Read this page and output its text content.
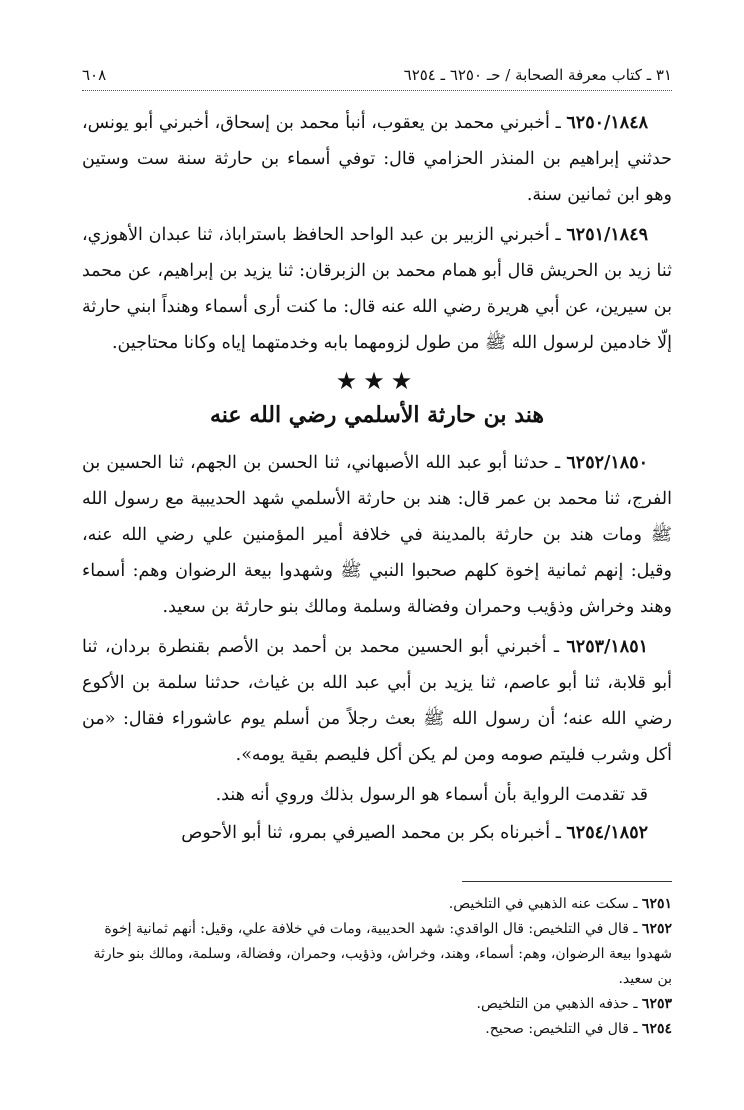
٣١ ـ كتاب معرفة الصحابة / حـ ٦٢٥٠ ـ ٦٢٥٤
٦٠٨

٦٢٥٠/١٨٤٨ ـ أخبرني محمد بن يعقوب، أنبأ محمد بن إسحاق، أخبرني أبو يونس، حدثني إبراهيم بن المنذر الحزامي قال: توفي أسماء بن حارثة سنة ست وستين وهو ابن ثمانين سنة.

٦٢٥١/١٨٤٩ ـ أخبرني الزبير بن عبد الواحد الحافظ باستراباذ، ثنا عبدان الأهوزي، ثنا زيد بن الحريش قال أبو همام محمد بن الزبرقان: ثنا يزيد بن إبراهيم، عن محمد بن سيرين، عن أبي هريرة رضي الله عنه قال: ما كنت أرى أسماء وهنداً ابني حارثة إلّا خادمين لرسول الله ﷺ من طول لزومهما بابه وخدمتهما إياه وكانا محتاجين.

★★★
هند بن حارثة الأسلمي رضي الله عنه

٦٢٥٢/١٨٥٠ ـ حدثنا أبو عبد الله الأصبهاني، ثنا الحسن بن الجهم، ثنا الحسين بن الفرج، ثنا محمد بن عمر قال: هند بن حارثة الأسلمي شهد الحديبية مع رسول الله ﷺ ومات هند بن حارثة بالمدينة في خلافة أمير المؤمنين علي رضي الله عنه، وقيل: إنهم ثمانية إخوة كلهم صحبوا النبي ﷺ وشهدوا بيعة الرضوان وهم: أسماء وهند وخراش وذؤيب وحمران وفضالة وسلمة ومالك بنو حارثة بن سعيد.

٦٢٥٣/١٨٥١ ـ أخبرني أبو الحسين محمد بن أحمد بن الأصم بقنطرة بردان، ثنا أبو قلابة، ثنا أبو عاصم، ثنا يزيد بن أبي عبد الله بن غياث، حدثنا سلمة بن الأكوع رضي الله عنه؛ أن رسول الله ﷺ بعث رجلاً من أسلم يوم عاشوراء فقال: «من أكل وشرب فليتم صومه ومن لم يكن أكل فليصم بقية يومه».

قد تقدمت الرواية بأن أسماء هو الرسول بذلك وروي أنه هند.

٦٢٥٤/١٨٥٢ ـ أخبرناه بكر بن محمد الصيرفي بمرو، ثنا أبو الأحوص

٦٢٥١ ـ سكت عنه الذهبي في التلخيص.

٦٢٥٢ ـ قال في التلخيص: قال الواقدي: شهد الحديبية، ومات في خلافة علي، وقيل: أنهم ثمانية إخوة شهدوا بيعة الرضوان، وهم: أسماء، وهند، وخراش، وذؤيب، وحمران، وفضالة، وسلمة، ومالك بنو حارثة بن سعيد.

٦٢٥٣ ـ حذفه الذهبي من التلخيص.

٦٢٥٤ ـ قال في التلخيص: صحيح.
